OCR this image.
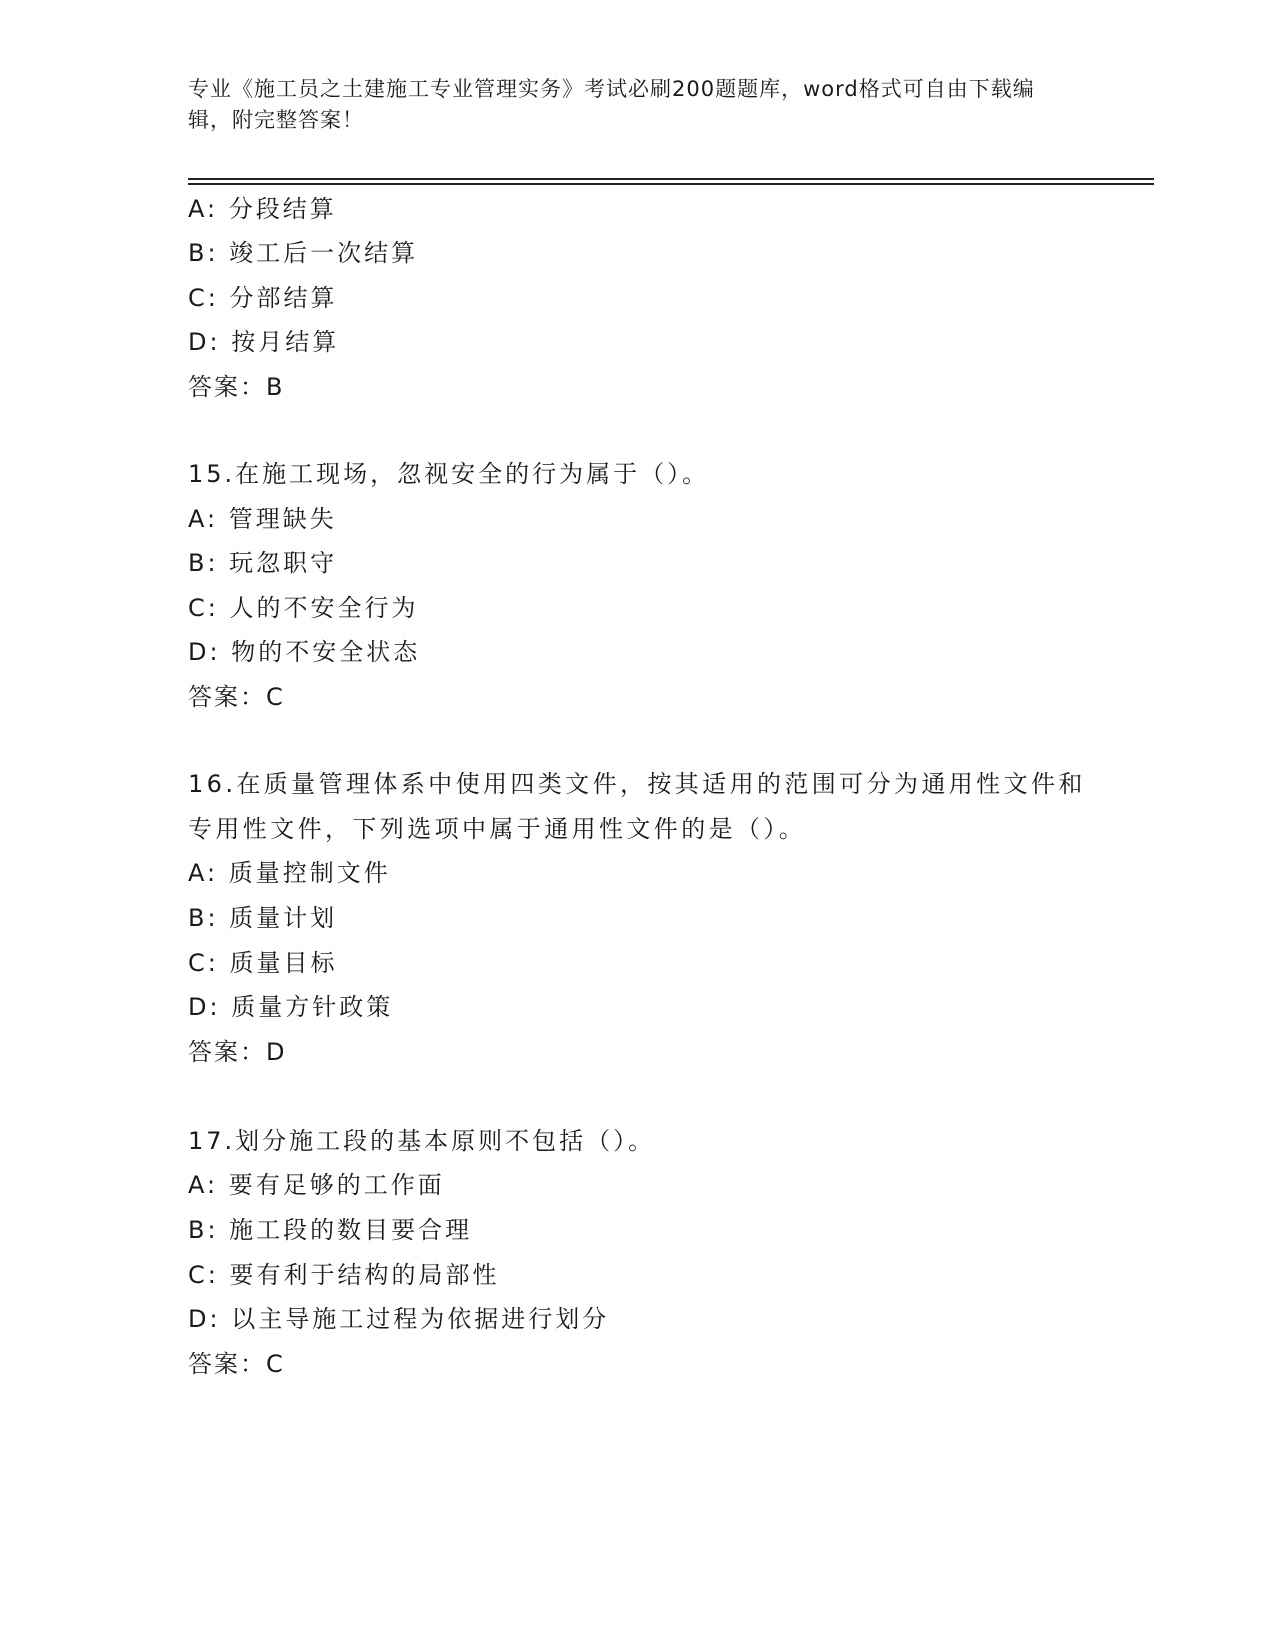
专业《施工员之土建施工专业管理实务》考试必刷200题题库，word格式可自由下载编辑，附完整答案！
A: 分段结算
B: 竣工后一次结算
C: 分部结算
D: 按月结算
答案：B
15.在施工现场，忽视安全的行为属于（）。
A: 管理缺失
B: 玩忽职守
C: 人的不安全行为
D: 物的不安全状态
答案：C
16.在质量管理体系中使用四类文件，按其适用的范围可分为通用性文件和专用性文件，下列选项中属于通用性文件的是（）。
A: 质量控制文件
B: 质量计划
C: 质量目标
D: 质量方针政策
答案：D
17.划分施工段的基本原则不包括（）。
A: 要有足够的工作面
B: 施工段的数目要合理
C: 要有利于结构的局部性
D: 以主导施工过程为依据进行划分
答案：C
